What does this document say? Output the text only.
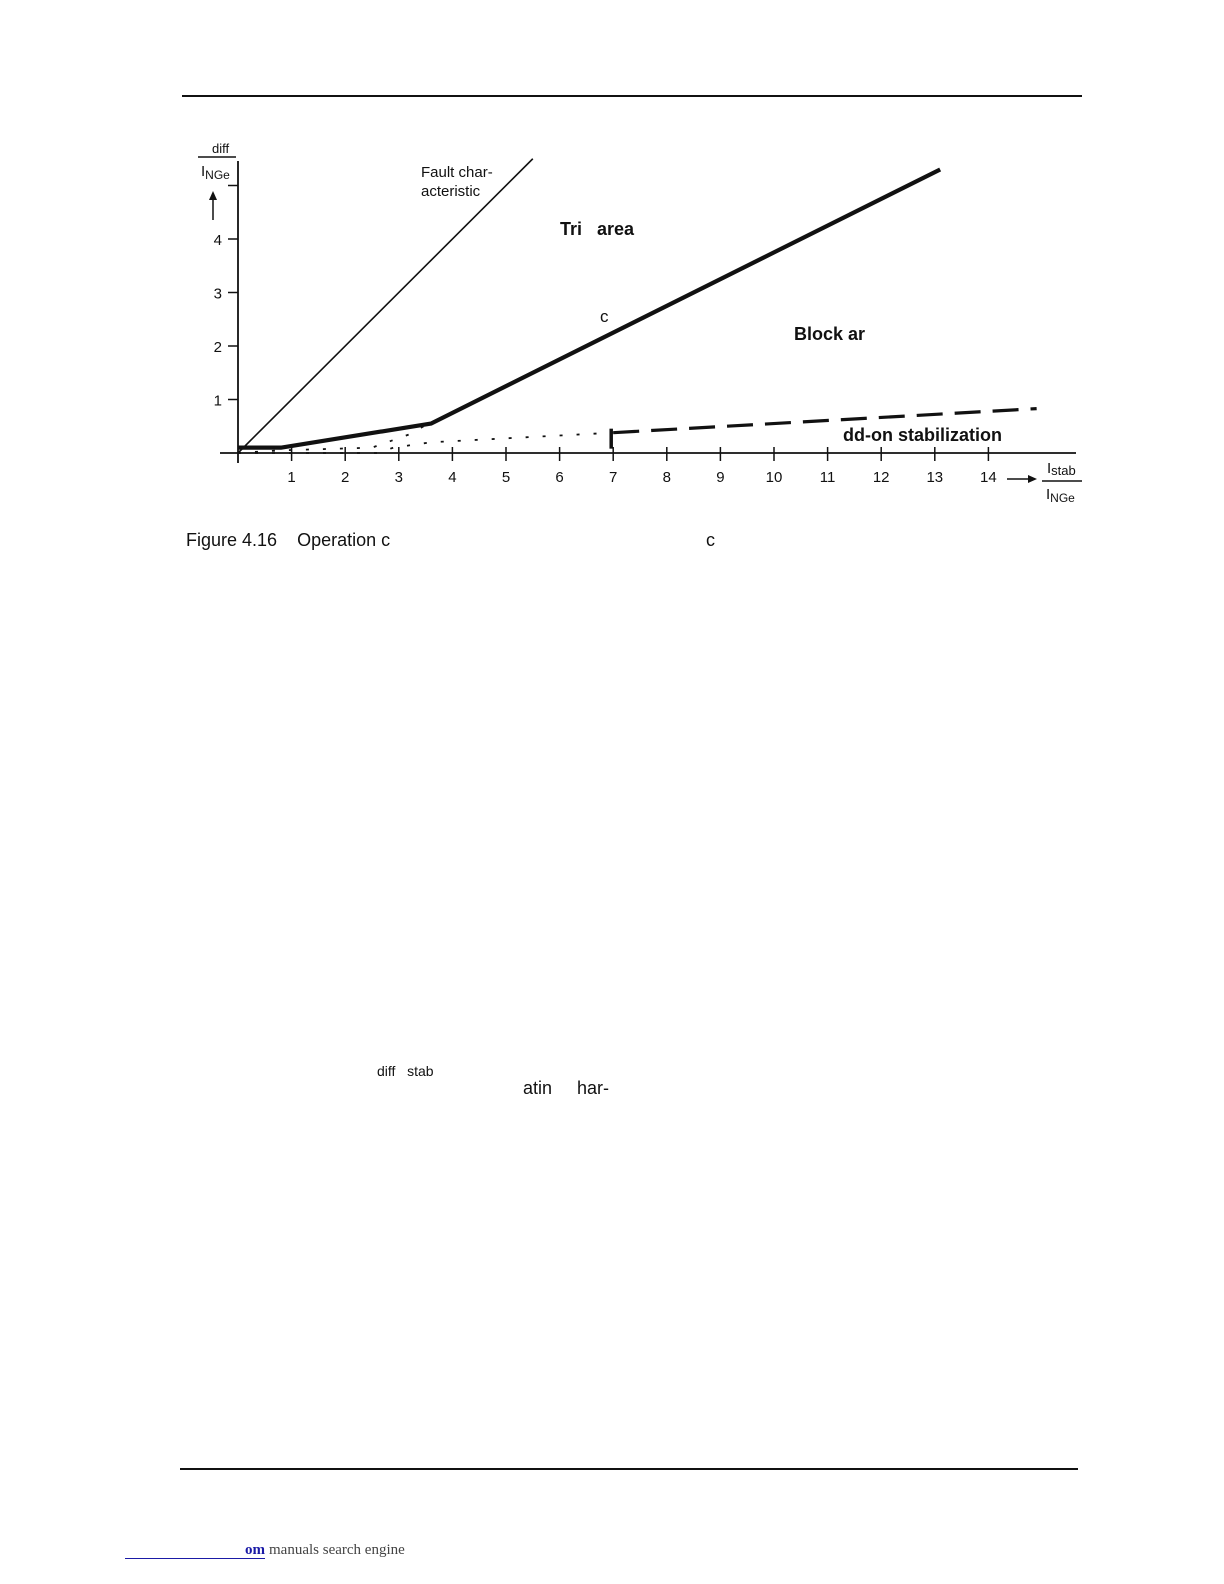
1	2	3	4	5	6	7	8	9	10 11 12 13 14
1
2
3
4
diff
$I_{NGe}$
Istab
$I_{NGe}$
Fault char-
acteristic
Tri   area
c
Block ar
dd-on stabilization
Figure 4.16 Operation c	c
diff   stab
atin     har-
om manuals search engine
